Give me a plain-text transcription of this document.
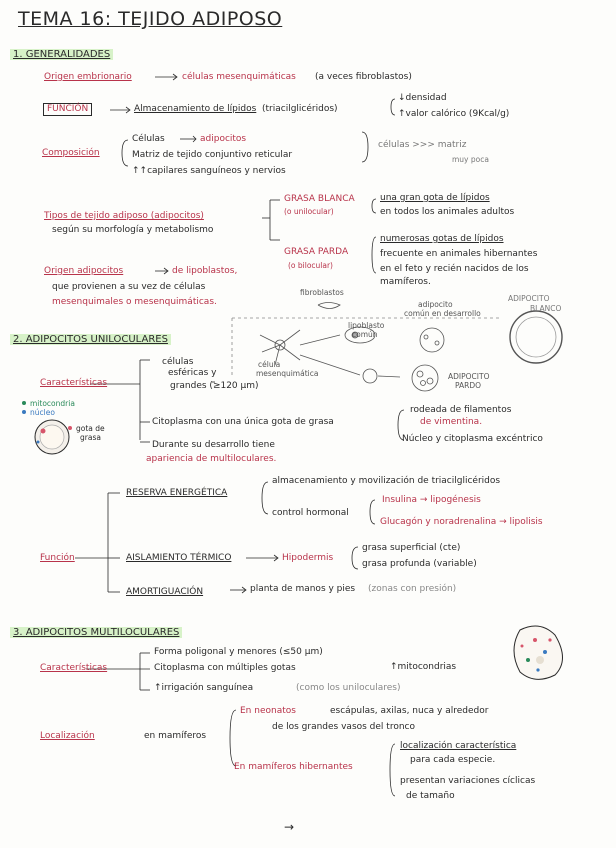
TEMA 16: TEJIDO ADIPOSO
1. GENERALIDADES
Origen embrionario	células mesenquimáticas (a veces fibroblastos)
FUNCIÓN	Almacenamiento de lípidos (triacilglicéridos)
↓densidad
↑valor calórico (9Kcal/g)
Composición
Células	adipocitos
Matriz de tejido conjuntivo reticular
↑↑capilares sanguíneos y nervios
células >>> matriz
muy poca
Tipos de tejido adiposo (adipocitos)
según su morfología y metabolismo
GRASA BLANCA
(o unilocular)
una gran gota de lípidos
en todos los animales adultos
GRASA PARDA
(o bilocular)
numerosas gotas de lípidos
frecuente en animales hibernantes
en el feto y recién nacidos de los
mamíferos.
Origen adipocitos	de lipoblastos,
que provienen a su vez de células
mesenquimales o mesenquimáticas.
fibroblastos
lipoblasto
común
adipocito
común en desarrollo
ADIPOCITO
BLANCO
célula
mesenquimática	ADIPOCITO
PARDO
2. ADIPOCITOS UNILOCULARES
Características
mitocondria
núcleo
gota de
grasa
células
esféricas y
grandes (≥120 μm)
Citoplasma con una única gota de grasa
rodeada de filamentos
de vimentina.
Núcleo y citoplasma excéntrico
Durante su desarrollo tiene
apariencia de multiloculares.
RESERVA ENERGÉTICA
almacenamiento y movilización de triacilglicéridos
control hormonal
Insulina → lipogénesis
Glucagón y noradrenalina → lipolisis
Función	AISLAMIENTO TÉRMICO	Hipodermis
grasa superficial (cte)
grasa profunda (variable)
AMORTIGUACIÓN	planta de manos y pies (zonas con presión)
3. ADIPOCITOS MULTILOCULARES
Características
Forma poligonal y menores (≤50 μm)
Citoplasma con múltiples gotas	↑mitocondrias
↑irrigación sanguínea	(como los uniloculares)
Localización	en mamíferos
En neonatos	escápulas, axilas, nuca y alrededor
de los grandes vasos del tronco
En mamíferos hibernantes
localización característica
para cada especie.
presentan variaciones cíclicas
de tamaño
→
